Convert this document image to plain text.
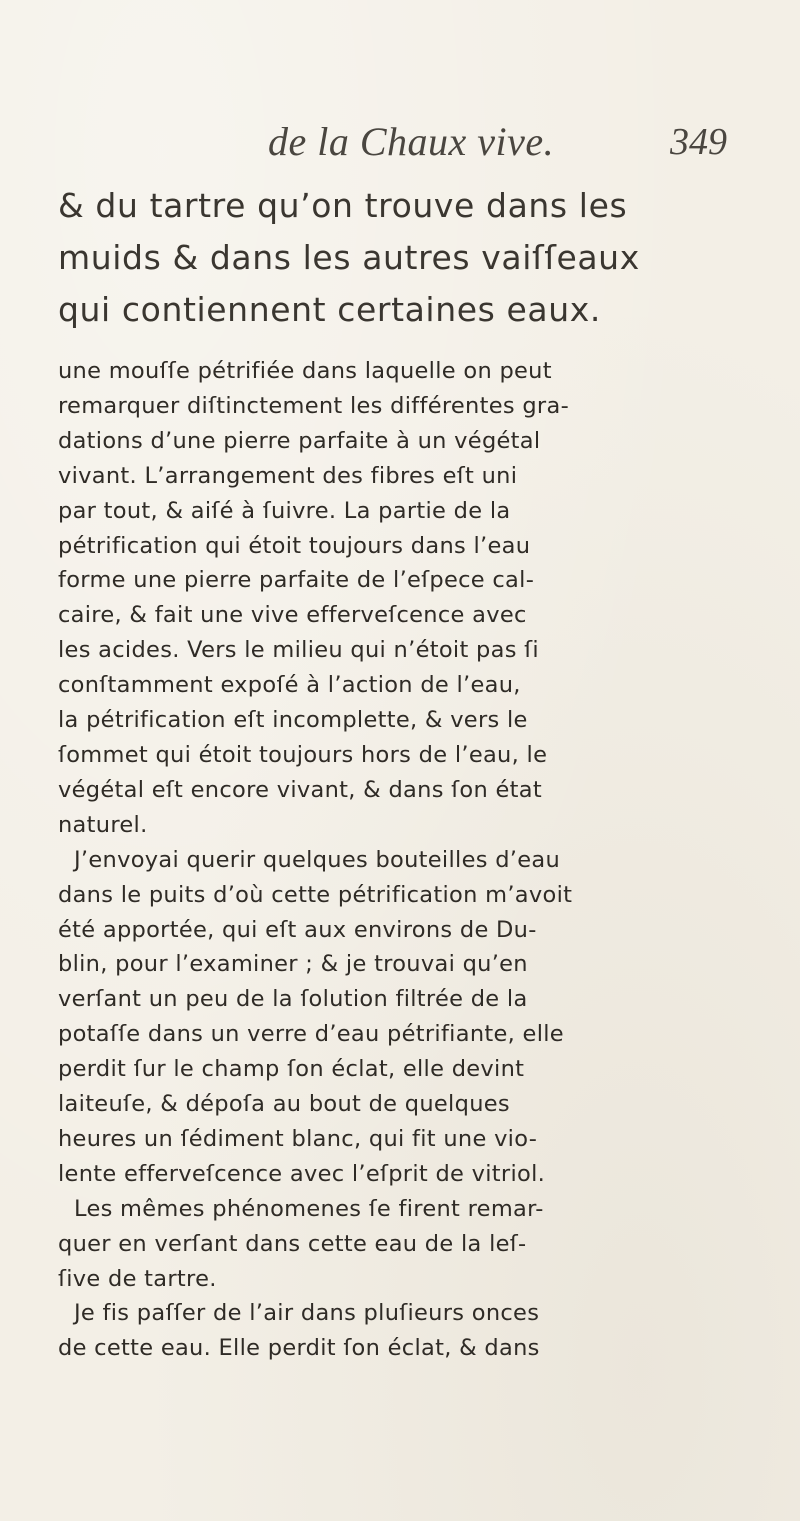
de la Chaux vive.	349
& du tartre qu’on trouve dans les
muids & dans les autres vaiſſeaux
qui contiennent certaines eaux.
une mouſſe pétrifiée dans laquelle on peut
remarquer diſtinctement les différentes gra-
dations d’une pierre parfaite à un végétal
vivant. L’arrangement des fibres eſt uni
par tout, & aiſé à ſuivre. La partie de la
pétrification qui étoit toujours dans l’eau
forme une pierre parfaite de l’eſpece cal-
caire, & fait une vive efferveſcence avec
les acides. Vers le milieu qui n’étoit pas ſi
conſtamment expoſé à l’action de l’eau,
la pétrification eſt incomplette, & vers le
ſommet qui étoit toujours hors de l’eau, le
végétal eſt encore vivant, & dans ſon état
naturel.
J’envoyai querir quelques bouteilles d’eau
dans le puits d’où cette pétrification m’avoit
été apportée, qui eſt aux environs de Du-
blin, pour l’examiner ; & je trouvai qu’en
verſant un peu de la ſolution filtrée de la
potaſſe dans un verre d’eau pétrifiante, elle
perdit ſur le champ ſon éclat, elle devint
laiteuſe, & dépoſa au bout de quelques
heures un ſédiment blanc, qui fit une vio-
lente efferveſcence avec l’eſprit de vitriol.
Les mêmes phénomenes ſe firent remar-
quer en verſant dans cette eau de la leſ-
ſive de tartre.
Je fis paſſer de l’air dans pluſieurs onces
de cette eau. Elle perdit ſon éclat, & dans
